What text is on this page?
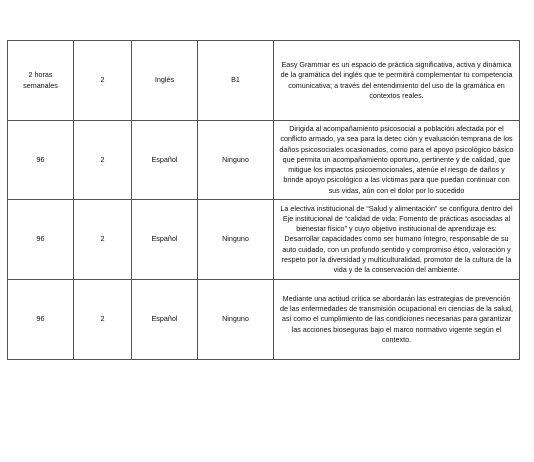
2 horas semanales	2	Inglés	B1	Easy Grammar es un espacio de práctica significativa, activa y dinámica de la gramática del inglés que te permitirá complementar tu competencia comunicativa; a través del entendimiento del uso de la gramática en contextos reales.
96	2	Español	Ninguno	Dirigida al acompañamiento psicosocial a población afectada por el conflicto armado, ya sea para la detec ción y evaluación temprana de los daños psicosociales ocasionados, como para el apoyo psicológico básico que permita un acompañamiento oportuno, pertinente y de calidad, que mitigue los impactos psicoemocionales, atenúe el riesgo de daños y brinde apoyo psicológico a las víctimas para que puedan continuar con sus vidas, aún con el dolor por lo sucedido
96	2	Español	Ninguno	La electiva institucional de “Salud y alimentación” se configura dentro del Eje institucional de “calidad de vida: Fomento de prácticas asociadas al bienestar físico” y cuyo objetivo institucional de aprendizaje es: Desarrollar capacidades como ser humano íntegro, responsable de su auto cuidado, con un profundo sentido y compromiso ético, valoración y respeto por la diversidad y multiculturalidad, promotor de la cultura de la vida y de la conservación del ambiente.
96	2	Español	Ninguno	Mediante una actitud crítica se abordarán las estrategias de prevención de las enfermedades de transmisión ocupacional en ciencias de la salud, así como el cumplimiento de las condiciones necesarias para garantizar las acciones bioseguras bajo el marco normativo vigente según el contexto.
